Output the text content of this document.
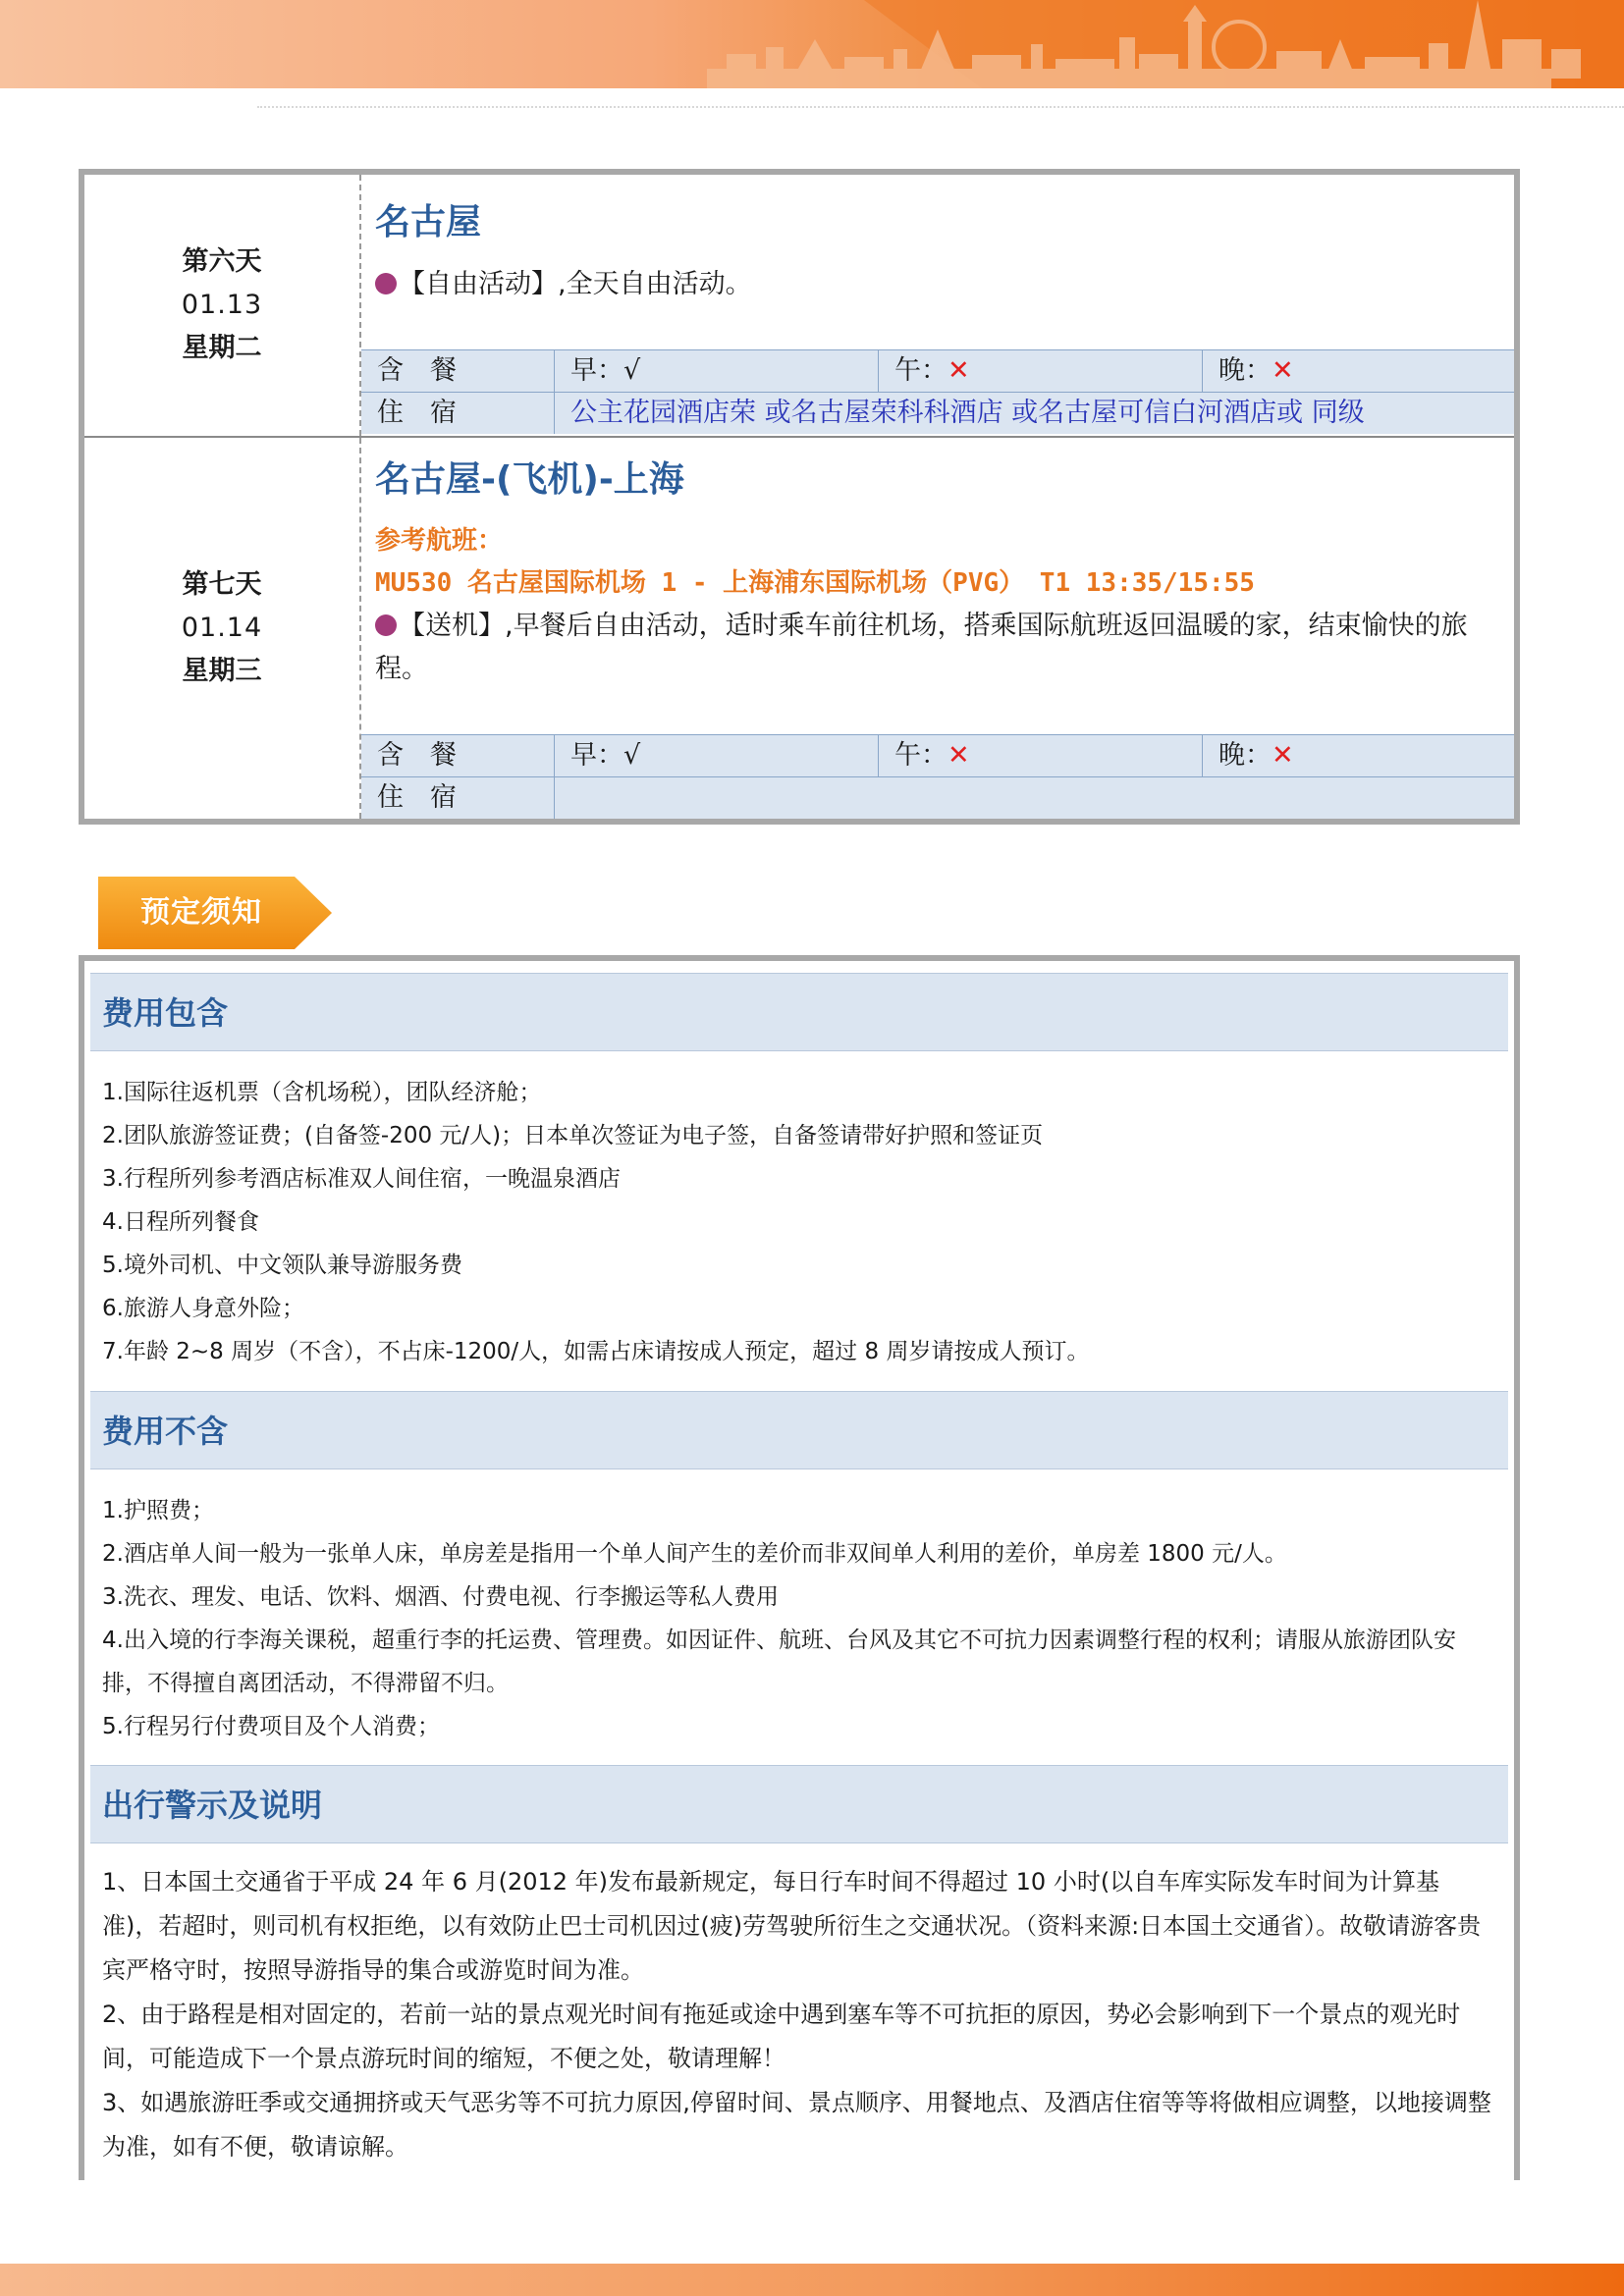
第六天
01.13
星期二
名古屋
【自由活动】,全天自由活动。
含　餐	早：√	午：✕	晚：✕
住　宿	公主花园酒店荣 或名古屋荣科科酒店 或名古屋可信白河酒店或 同级
第七天
01.14
星期三
名古屋-(飞机)-上海
参考航班：
MU530 名古屋国际机场 1 - 上海浦东国际机场（PVG） T1 13:35/15:55
【送机】,早餐后自由活动，适时乘车前往机场，搭乘国际航班返回温暖的家，结束愉快的旅程。
含　餐	早：√	午：✕	晚：✕
住　宿
预定须知
费用包含
1.国际往返机票（含机场税），团队经济舱；
2.团队旅游签证费；(自备签-200 元/人)；日本单次签证为电子签，自备签请带好护照和签证页
3.行程所列参考酒店标准双人间住宿，一晚温泉酒店
4.日程所列餐食
5.境外司机、中文领队兼导游服务费
6.旅游人身意外险；
7.年龄 2~8 周岁（不含），不占床-1200/人，如需占床请按成人预定，超过 8 周岁请按成人预订。
费用不含
1.护照费；
2.酒店单人间一般为一张单人床，单房差是指用一个单人间产生的差价而非双间单人利用的差价，单房差 1800 元/人。
3.洗衣、理发、电话、饮料、烟酒、付费电视、行李搬运等私人费用
4.出入境的行李海关课税，超重行李的托运费、管理费。如因证件、航班、台风及其它不可抗力因素调整行程的权利；请服从旅游团队安排，不得擅自离团活动，不得滞留不归。
5.行程另行付费项目及个人消费；
出行警示及说明
1、日本国土交通省于平成 24 年 6 月(2012 年)发布最新规定，每日行车时间不得超过 10 小时(以自车库实际发车时间为计算基准)，若超时，则司机有权拒绝，以有效防止巴士司机因过(疲)劳驾驶所衍生之交通状况。（资料来源:日本国土交通省）。故敬请游客贵宾严格守时，按照导游指导的集合或游览时间为准。
2、由于路程是相对固定的，若前一站的景点观光时间有拖延或途中遇到塞车等不可抗拒的原因，势必会影响到下一个景点的观光时间，可能造成下一个景点游玩时间的缩短，不便之处，敬请理解！
3、如遇旅游旺季或交通拥挤或天气恶劣等不可抗力原因,停留时间、景点顺序、用餐地点、及酒店住宿等等将做相应调整，以地接调整为准，如有不便，敬请谅解。
